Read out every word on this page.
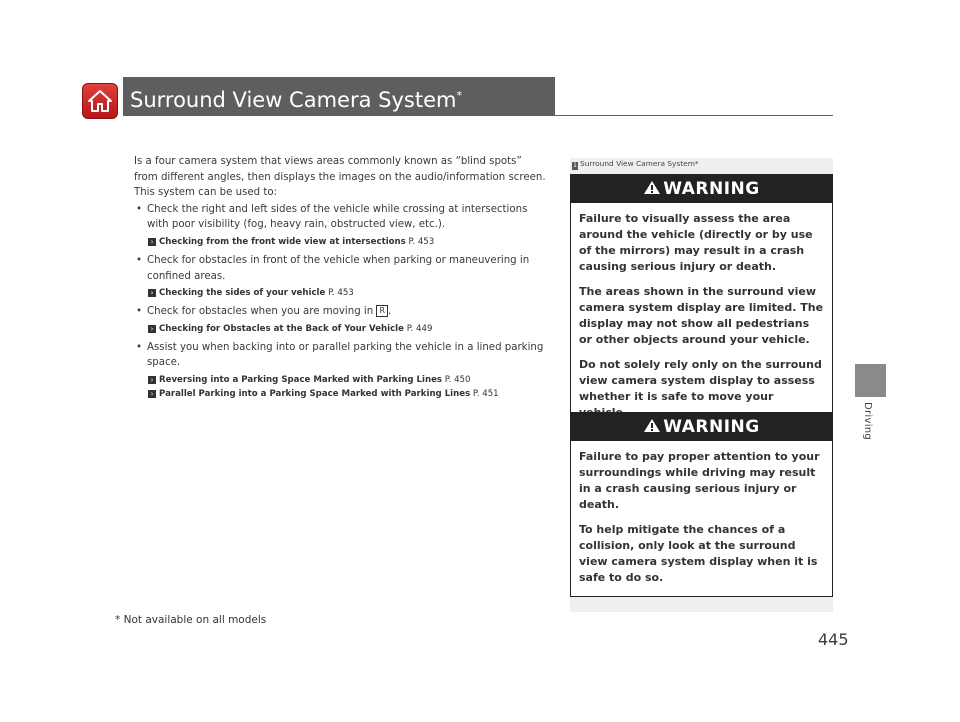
Surround View Camera System*
Driving

Is a four camera system that views areas commonly known as “blind spots” from different angles, then displays the images on the audio/information screen. This system can be used to:

• Check the right and left sides of the vehicle while crossing at intersections with poor visibility (fog, heavy rain, obstructed view, etc.).
› Checking from the front wide view at intersections P. 453
• Check for obstacles in front of the vehicle when parking or maneuvering in confined areas.
› Checking the sides of your vehicle P. 453
• Check for obstacles when you are moving in R .
› Checking for Obstacles at the Back of Your Vehicle P. 449
• Assist you when backing into or parallel parking the vehicle in a lined parking space.
› Reversing into a Parking Space Marked with Parking Lines P. 450
› Parallel Parking into a Parking Space Marked with Parking Lines P. 451
1 Surround View Camera System*
WARNING

Failure to visually assess the area around the vehicle (directly or by use of the mirrors) may result in a crash causing serious injury or death.

The areas shown in the surround view camera system display are limited. The display may not show all pedestrians or other objects around your vehicle.

Do not solely rely only on the surround view camera system display to assess whether it is safe to move your

WARNING

Failure to pay proper attention to your surroundings while driving may result in a crash causing serious injury or death.

To help mitigate the chances of a collision, only look at the surround view camera system display when it is safe to do so.

* Not available on all models
445
